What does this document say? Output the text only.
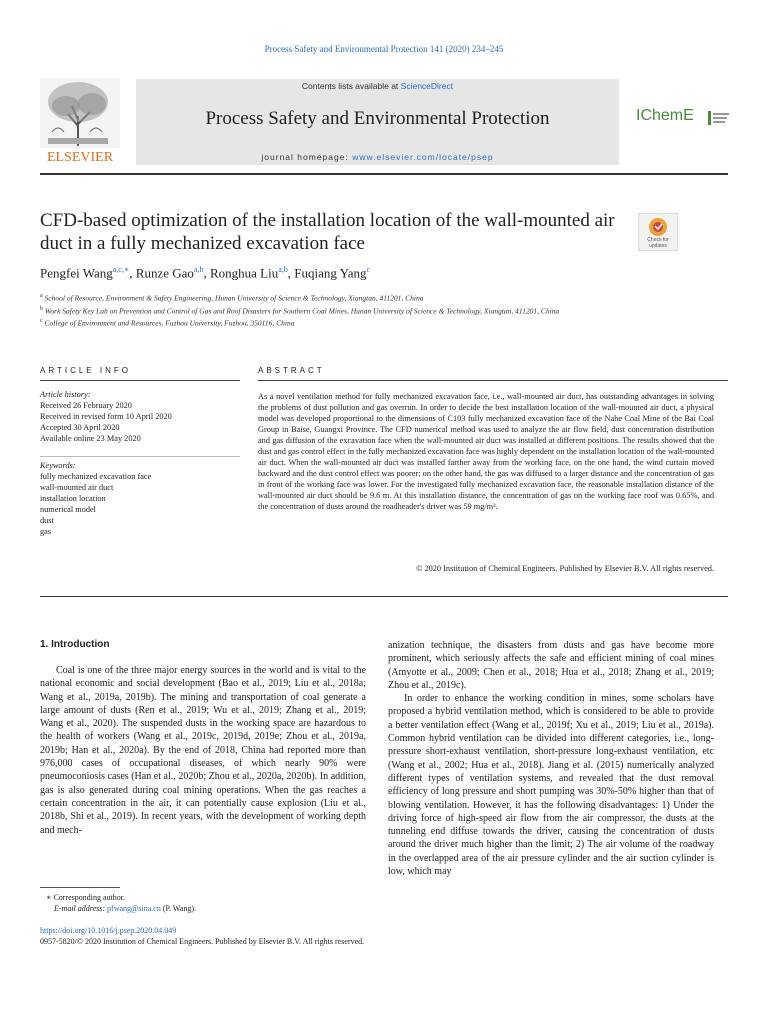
Process Safety and Environmental Protection 141 (2020) 234–245
ELSEVIER
Contents lists available at ScienceDirect
Process Safety and Environmental Protection
journal homepage: www.elsevier.com/locate/psep
IChemE
CFD-based optimization of the installation location of the wall-mounted air duct in a fully mechanized excavation face	Check for updates
Pengfei Wang$^{a,c,∗}$, Runze Gao$^{a,b}$, Ronghua Liu$^{a,b}$, Fuqiang Yang$^c$
$^a$ School of Resource, Environment & Safety Engineering, Hunan University of Science & Technology, Xiangtan, 411201, China
$^b$ Work Safety Key Lab on Prevention and Control of Gas and Roof Disasters for Southern Coal Mines, Hunan University of Science & Technology, Xiangtan, 411201, China
$^c$ College of Environment and Resources, Fuzhou University, Fuzhou, 350116, China
ARTICLE INFO
Article history:
Received 26 February 2020
Received in revised form 10 April 2020
Accepted 30 April 2020
Available online 23 May 2020
Keywords:
fully mechanized excavation face
wall-mounted air duct
installation location
numerical model
dust
gas
ABSTRACT
As a novel ventilation method for fully mechanized excavation face, i.e., wall-mounted air duct, has outstanding advantages in solving the problems of dust pollution and gas overrun. In order to decide the best installation location of the wall-mounted air duct, a physical model was developed proportional to the dimensions of C103 fully mechanized excavation face of the Nahe Coal Mine of the Bai Coal Group in Baise, Guangxi Province. The CFD numerical method was used to analyze the air flow field, dust concentration distribution and gas diffusion of the excavation face when the wall-mounted air duct was installed at different positions. The results showed that the dust and gas control effect in the fully mechanized excavation face was highly dependent on the installation location of the wall-mounted air duct. When the wall-mounted air duct was installed farther away from the working face, on the one hand, the wind curtain moved backward and the dust control effect was poorer; on the other hand, the gas was diffused to a larger distance and the concentration of gas in front of the working face was lower. For the investigated fully mechanized excavation face, the reasonable installation distance of the wall-mounted air duct should be 9.6 m. At this installation distance, the concentration of gas on the working face roof was 0.65%, and the concentration of dusts around the roadheader's driver was 59 mg/m³.
© 2020 Institution of Chemical Engineers. Published by Elsevier B.V. All rights reserved.
1. Introduction
Coal is one of the three major energy sources in the world and is vital to the national economic and social development (Bao et al., 2019; Liu et al., 2018a; Wang et al., 2019a, 2019b). The mining and transportation of coal generate a large amount of dusts (Ren et al., 2019; Wu et al., 2019; Zhang et al., 2019; Wang et al., 2020). The suspended dusts in the working space are hazardous to the health of workers (Wang et al., 2019c, 2019d, 2019e; Zhou et al., 2019a, 2019b; Han et al., 2020a). By the end of 2018, China had reported more than 976,000 cases of occupational diseases, of which nearly 90% were pneumoconiosis cases (Han et al., 2020b; Zhou et al., 2020a, 2020b). In addition, gas is also generated during coal mining operations. When the gas reaches a certain concentration in the air, it can potentially cause explosion (Liu et al., 2018b, Shi et al., 2019). In recent years, with the development of working depth and mech-
anization technique, the disasters from dusts and gas have become more prominent, which seriously affects the safe and efficient mining of coal mines (Amyotte et al., 2009; Chen et al., 2018; Hua et al., 2018; Zhang et al., 2019; Zhou et al., 2019c).
In order to enhance the working condition in mines, some scholars have proposed a hybrid ventilation method, which is considered to be able to provide a better ventilation effect (Wang et al., 2019f; Xu et al., 2019; Liu et al., 2019a). Common hybrid ventilation can be divided into different categories, i.e., long-pressure short-exhaust ventilation, short-pressure long-exhaust ventilation, etc (Wang et al., 2002; Hua et al., 2018). Jiang et al. (2015) numerically analyzed different types of ventilation systems, and revealed that the dust removal efficiency of long pressure and short pumping was 30%-50% higher than that of blowing ventilation. However, it has the following disadvantages: 1) Under the driving force of high-speed air flow from the air compressor, the dusts at the tunneling end diffuse towards the driver, causing the concentration of dusts around the driver much higher than the limit; 2) The air volume of the roadway in the overlapped area of the air pressure cylinder and the air suction cylinder is low, which may
∗ Corresponding author.
E-mail address: pfwang@sina.cn (P. Wang).
https://doi.org/10.1016/j.psep.2020.04.049
0957-5820/© 2020 Institution of Chemical Engineers. Published by Elsevier B.V. All rights reserved.
